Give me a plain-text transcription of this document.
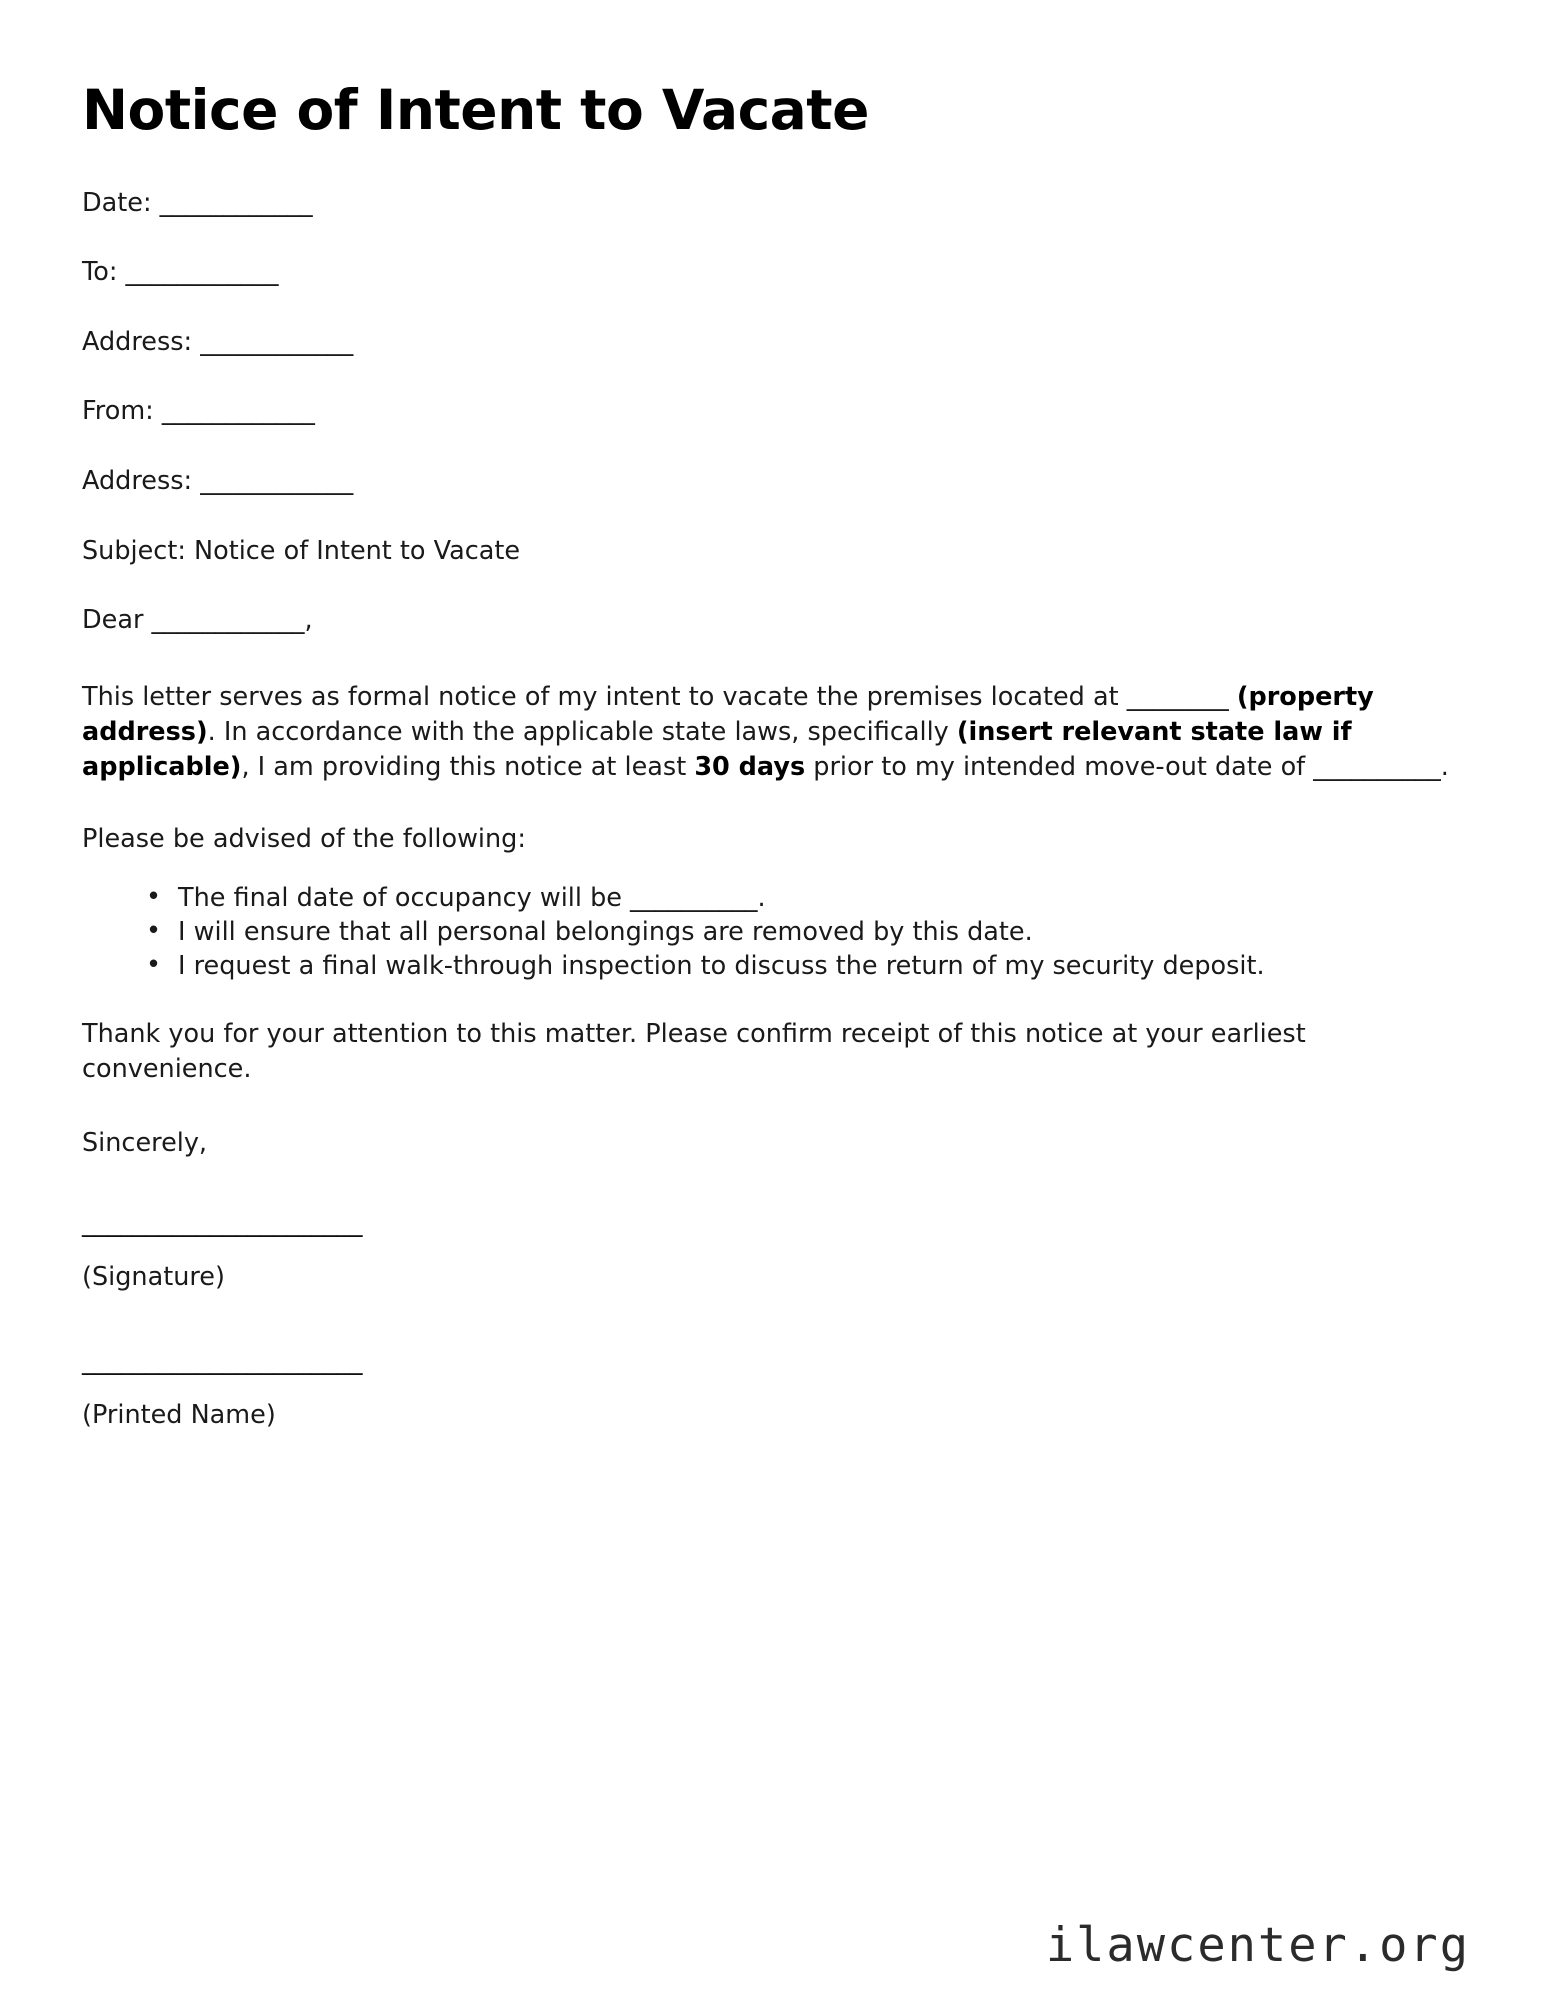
Notice of Intent to Vacate

Date: ____________

To: ____________

Address: ____________

From: ____________

Address: ____________

Subject: Notice of Intent to Vacate

Dear ____________,

This letter serves as formal notice of my intent to vacate the premises located at ________ (property address). In accordance with the applicable state laws, specifically (insert relevant state law if applicable), I am providing this notice at least 30 days prior to my intended move-out date of __________.

Please be advised of the following:

• The final date of occupancy will be __________.
• I will ensure that all personal belongings are removed by this date.
• I request a final walk-through inspection to discuss the return of my security deposit.

Thank you for your attention to this matter. Please confirm receipt of this notice at your earliest convenience.

Sincerely,

______________________

(Signature)

______________________

(Printed Name)

ilawcenter.org
